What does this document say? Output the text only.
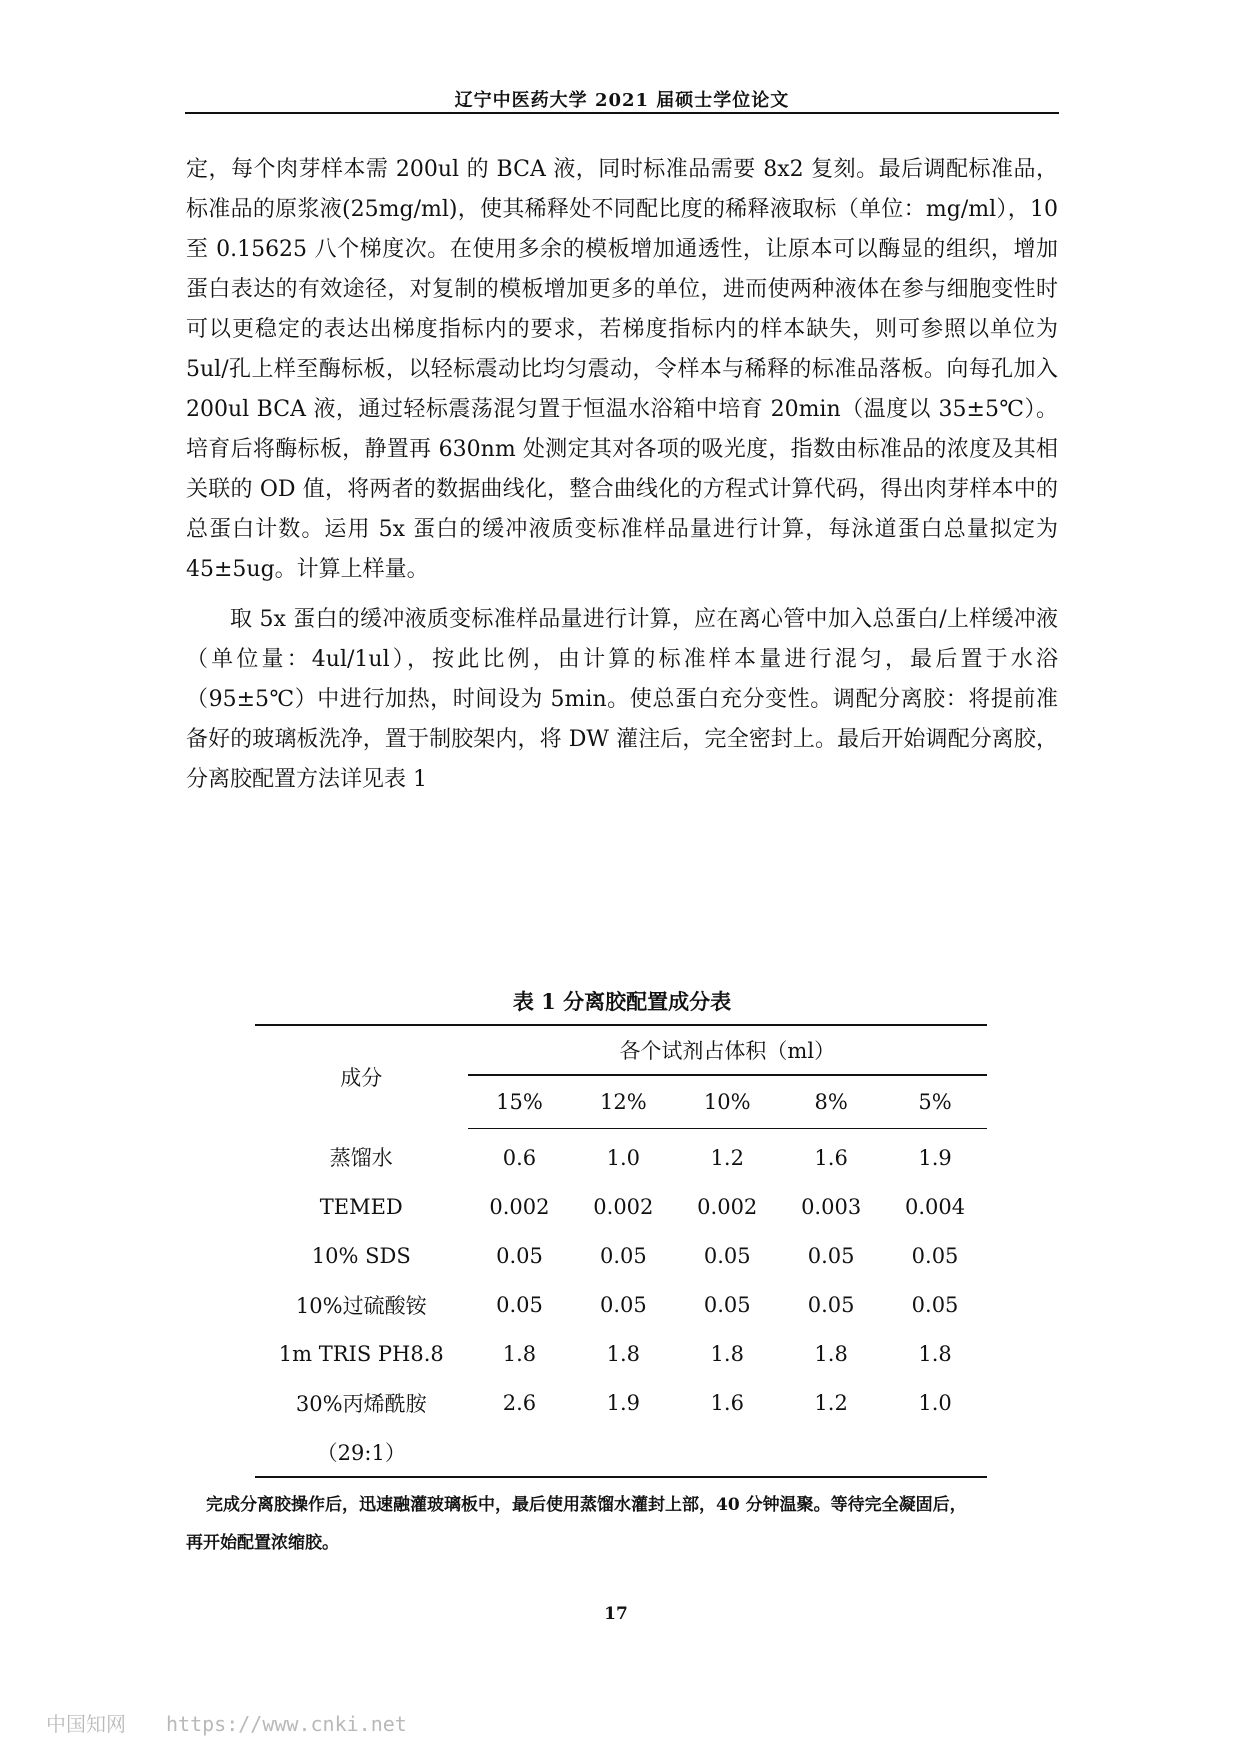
辽宁中医药大学 2021 届硕士学位论文

定，每个肉芽样本需 200ul 的 BCA 液，同时标准品需要 8x2 复刻。最后调配标准品，标准品的原浆液(25mg/ml)，使其稀释处不同配比度的稀释液取标（单位：mg/ml），10 至 0.15625 八个梯度次。在使用多余的模板增加通透性，让原本可以酶显的组织，增加蛋白表达的有效途径，对复制的模板增加更多的单位，进而使两种液体在参与细胞变性时可以更稳定的表达出梯度指标内的要求，若梯度指标内的样本缺失，则可参照以单位为 5ul/孔上样至酶标板，以轻标震动比均匀震动，令样本与稀释的标准品落板。向每孔加入 200ul BCA 液，通过轻标震荡混匀置于恒温水浴箱中培育 20min（温度以 35±5℃）。培育后将酶标板，静置再 630nm 处测定其对各项的吸光度，指数由标准品的浓度及其相关联的 OD 值，将两者的数据曲线化，整合曲线化的方程式计算代码，得出肉芽样本中的总蛋白计数。运用 5x 蛋白的缓冲液质变标准样品量进行计算，每泳道蛋白总量拟定为 45±5ug。计算上样量。

取 5x 蛋白的缓冲液质变标准样品量进行计算，应在离心管中加入总蛋白/上样缓冲液（单位量：4ul/1ul），按此比例，由计算的标准样本量进行混匀，最后置于水浴（95±5℃）中进行加热，时间设为 5min。使总蛋白充分变性。调配分离胶：将提前准备好的玻璃板洗净，置于制胶架内，将 DW 灌注后，完全密封上。最后开始调配分离胶，分离胶配置方法详见表 1

表 1 分离胶配置成分表
成分	各个试剂占体积（ml）				
	15%	12%	10%	8%	5%
蒸馏水	0.6	1.0	1.2	1.6	1.9
TEMED	0.002	0.002	0.002	0.003	0.004
10% SDS	0.05	0.05	0.05	0.05	0.05
10%过硫酸铵	0.05	0.05	0.05	0.05	0.05
1m TRIS PH8.8	1.8	1.8	1.8	1.8	1.8
30%丙烯酰胺	2.6	1.9	1.6	1.2	1.0
（29:1）					
完成分离胶操作后，迅速融灌玻璃板中，最后使用蒸馏水灌封上部，40 分钟温聚。等待完全凝固后，
再开始配置浓缩胶。
17
中国知网 https://www.cnki.net
